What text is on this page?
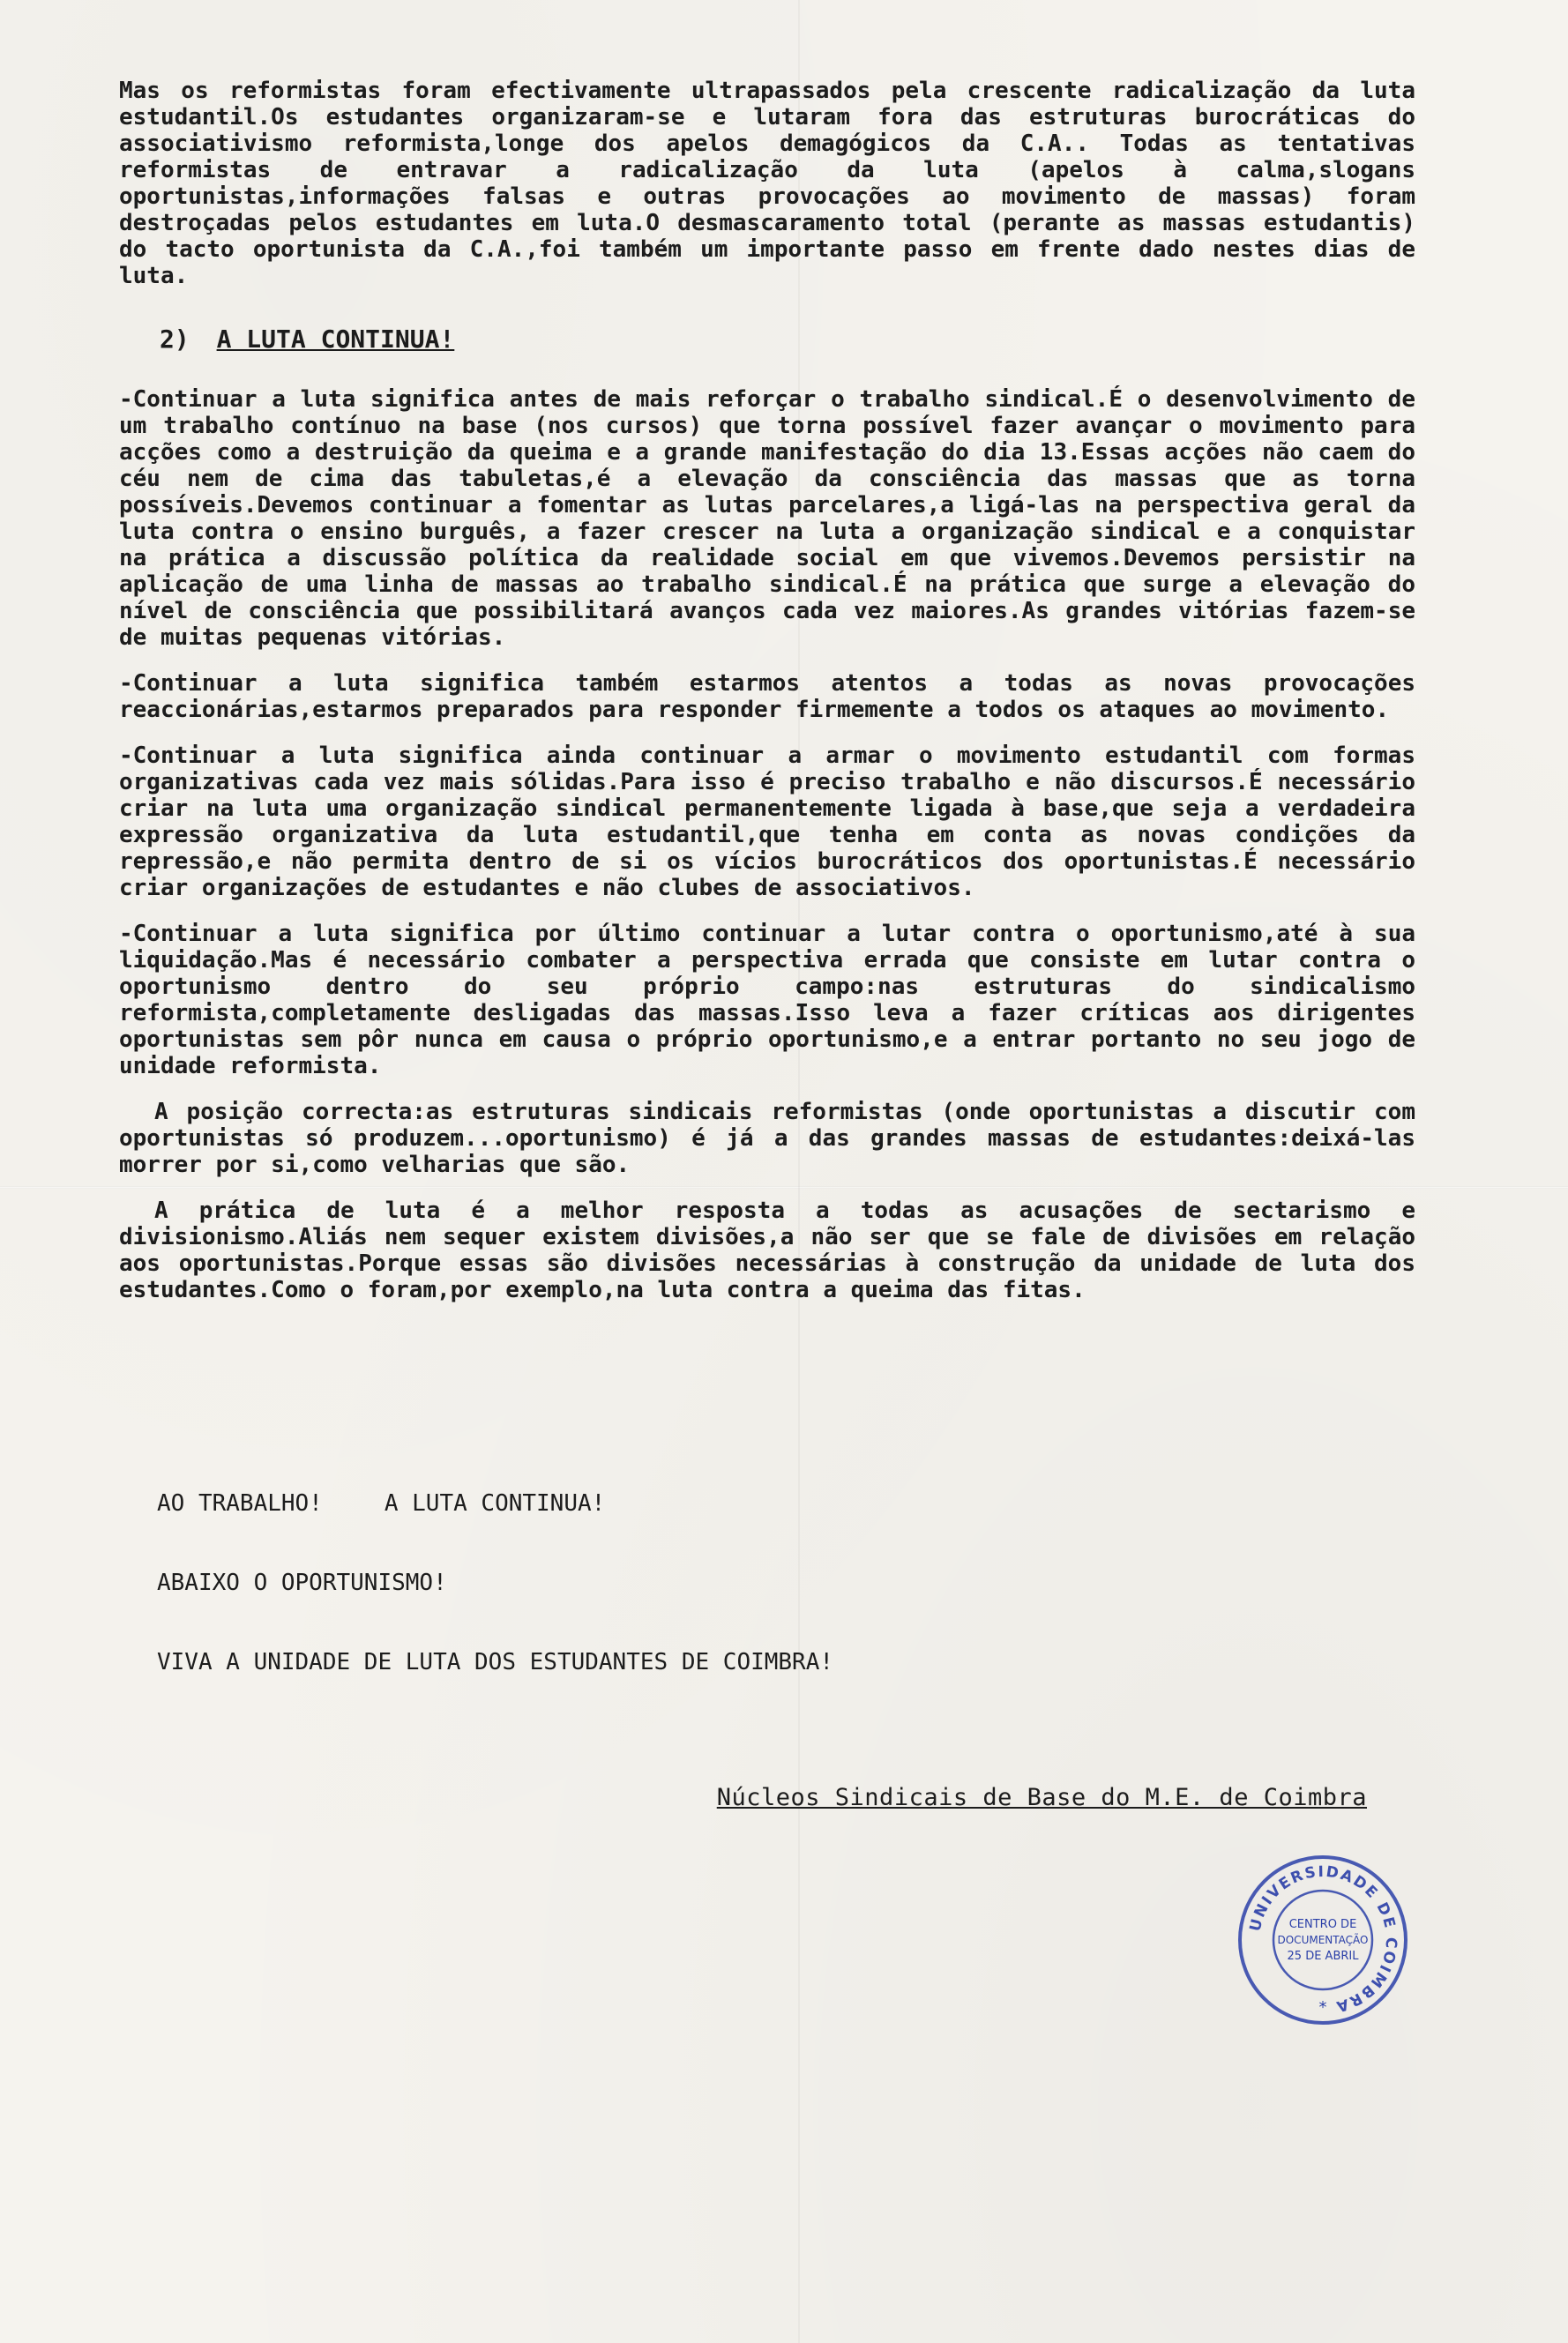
Mas os reformistas foram efectivamente ultrapassados pela crescente radicalização da luta estudantil.Os estudantes organizaram-se e lutaram fora das estruturas burocráticas do associativismo reformista,longe dos apelos demagógicos da C.A.. Todas as tentativas reformistas de entravar a radicalização da luta (apelos à calma,slogans oportunistas,informações falsas e outras provocações ao movimento de massas) foram destroçadas pelos estudantes em luta.O desmascaramento total (perante as massas estudantis) do tacto oportunista da C.A.,foi também um importante passo em frente dado nestes dias de luta.

2) A LUTA CONTINUA!

-Continuar a luta significa antes de mais reforçar o trabalho sindical.É o desenvolvimento de um trabalho contínuo na base (nos cursos) que torna possível fazer avançar o movimento para acções como a destruição da queima e a grande manifestação do dia 13.Essas acções não caem do céu nem de cima das tabuletas,é a elevação da consciência das massas que as torna possíveis.Devemos continuar a fomentar as lutas parcelares,a ligá-las na perspectiva geral da luta contra o ensino burguês, a fazer crescer na luta a organização sindical e a conquistar na prática a discussão política da realidade social em que vivemos.Devemos persistir na aplicação de uma linha de massas ao trabalho sindical.É na prática que surge a elevação do nível de consciência que possibilitará avanços cada vez maiores.As grandes vitórias fazem-se de muitas pequenas vitórias.

-Continuar a luta significa também estarmos atentos a todas as novas provocações reaccionárias,estarmos preparados para responder firmemente a todos os ataques ao movimento.

-Continuar a luta significa ainda continuar a armar o movimento estudantil com formas organizativas cada vez mais sólidas.Para isso é preciso trabalho e não discursos.É necessário criar na luta uma organização sindical permanentemente ligada à base,que seja a verdadeira expressão organizativa da luta estudantil,que tenha em conta as novas condições da repressão,e não permita dentro de si os vícios burocráticos dos oportunistas.É necessário criar organizações de estudantes e não clubes de associativos.

-Continuar a luta significa por último continuar a lutar contra o oportunismo,até à sua liquidação.Mas é necessário combater a perspectiva errada que consiste em lutar contra o oportunismo dentro do seu próprio campo:nas estruturas do sindicalismo reformista,completamente desligadas das massas.Isso leva a fazer críticas aos dirigentes oportunistas sem pôr nunca em causa o próprio oportunismo,e a entrar portanto no seu jogo de unidade reformista.

A posição correcta:as estruturas sindicais reformistas (onde oportunistas a discutir com oportunistas só produzem...oportunismo) é já a das grandes massas de estudantes:deixá-las morrer por si,como velharias que são.

A prática de luta é a melhor resposta a todas as acusações de sectarismo e divisionismo.Aliás nem sequer existem divisões,a não ser que se fale de divisões em relação aos oportunistas.Porque essas são divisões necessárias à construção da unidade de luta dos estudantes.Como o foram,por exemplo,na luta contra a queima das fitas.

AO TRABALHO!	A LUTA CONTINUA!
ABAIXO O OPORTUNISMO!
VIVA A UNIDADE DE LUTA DOS ESTUDANTES DE COIMBRA!
Núcleos Sindicais de Base do M.E. de Coimbra
UNIVERSIDADE DE COIMBRA
CENTRO DE
DOCUMENTAÇÃO
25 DE ABRIL
*
